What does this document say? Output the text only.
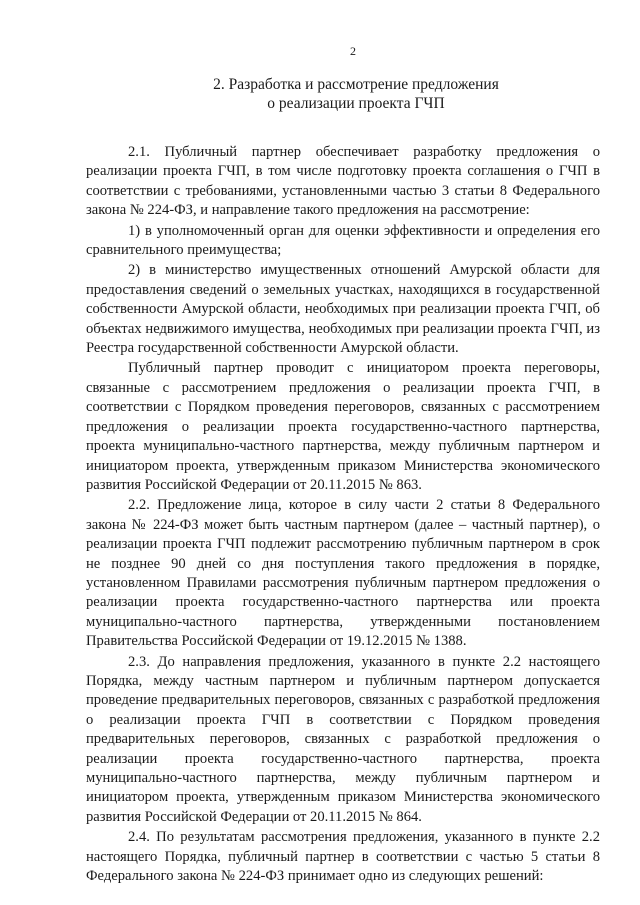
2
2. Разработка и рассмотрение предложения
о реализации проекта ГЧП

2.1. Публичный партнер обеспечивает разработку предложения о реализации проекта ГЧП, в том числе подготовку проекта соглашения о ГЧП в соответствии с требованиями, установленными частью 3 статьи 8 Федерального закона № 224-ФЗ, и направление такого предложения на рассмотрение:

1) в уполномоченный орган для оценки эффективности и определения его сравнительного преимущества;

2) в министерство имущественных отношений Амурской области для предоставления сведений о земельных участках, находящихся в государственной собственности Амурской области, необходимых при реализации проекта ГЧП, об объектах недвижимого имущества, необходимых при реализации проекта ГЧП, из Реестра государственной собственности Амурской области.

Публичный партнер проводит с инициатором проекта переговоры, связанные с рассмотрением предложения о реализации проекта ГЧП, в соответствии с Порядком проведения переговоров, связанных с рассмотрением предложения о реализации проекта государственно-частного партнерства, проекта муниципально-частного партнерства, между публичным партнером и инициатором проекта, утвержденным приказом Министерства экономического развития Российской Федерации от 20.11.2015 № 863.

2.2. Предложение лица, которое в силу части 2 статьи 8 Федерального закона № 224-ФЗ может быть частным партнером (далее – частный партнер), о реализации проекта ГЧП подлежит рассмотрению публичным партнером в срок не позднее 90 дней со дня поступления такого предложения в порядке, установленном Правилами рассмотрения публичным партнером предложения о реализации проекта государственно-частного партнерства или проекта муниципально-частного партнерства, утвержденными постановлением Правительства Российской Федерации от 19.12.2015 № 1388.

2.3. До направления предложения, указанного в пункте 2.2 настоящего Порядка, между частным партнером и публичным партнером допускается проведение предварительных переговоров, связанных с разработкой предложения о реализации проекта ГЧП в соответствии с Порядком проведения предварительных переговоров, связанных с разработкой предложения о реализации проекта государственно-частного партнерства, проекта муниципально-частного партнерства, между публичным партнером и инициатором проекта, утвержденным приказом Министерства экономического развития Российской Федерации от 20.11.2015 № 864.

2.4. По результатам рассмотрения предложения, указанного в пункте 2.2 настоящего Порядка, публичный партнер в соответствии с частью 5 статьи 8 Федерального закона № 224-ФЗ принимает одно из следующих решений:
